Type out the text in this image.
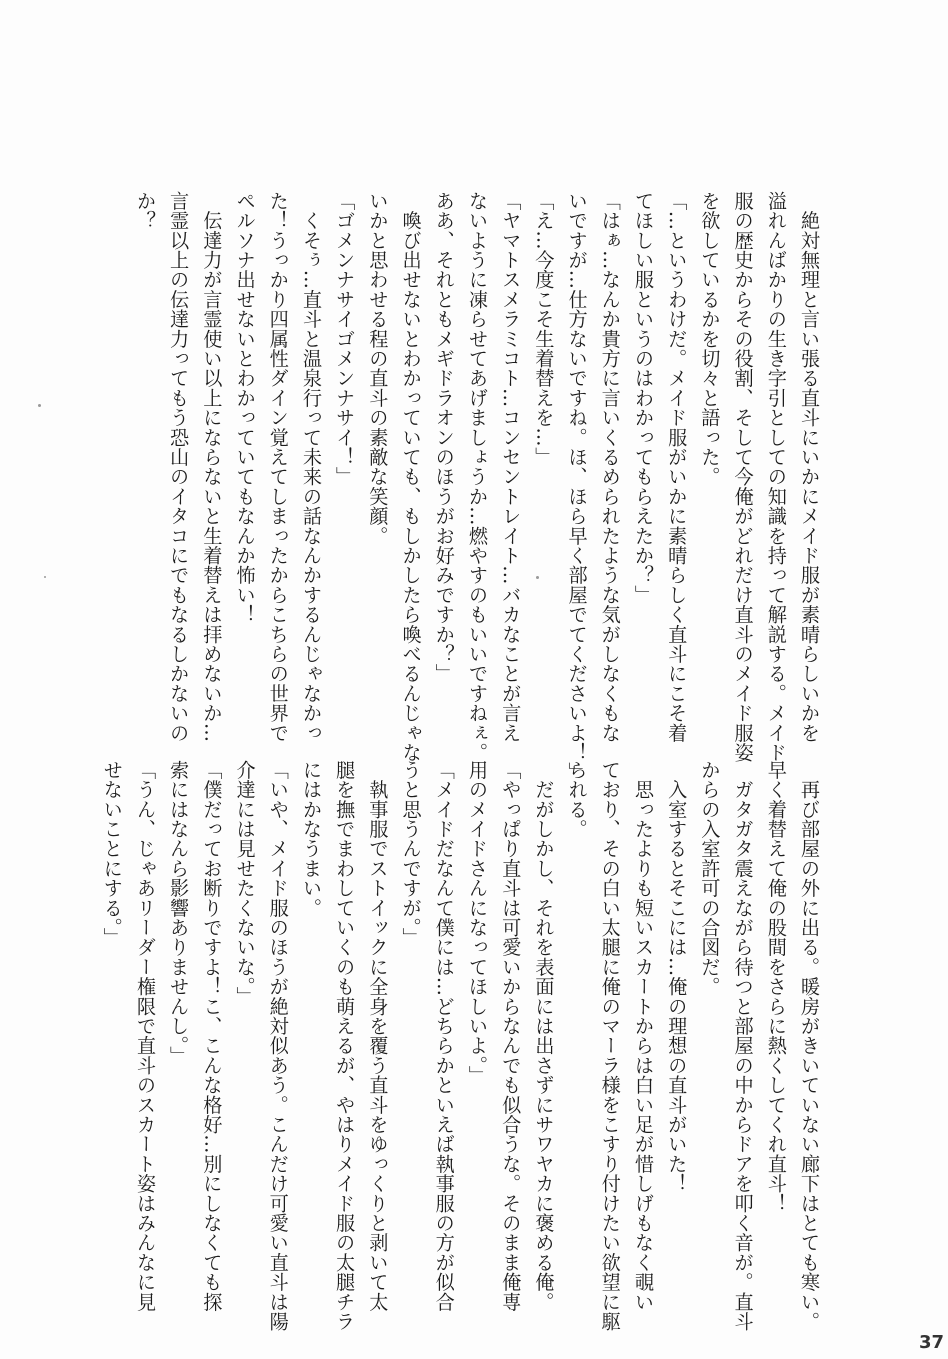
　絶対無理と言い張る直斗にいかにメイド服が素晴らしいかを

溢れんばかりの生き字引としての知識を持って解説する。メイド

服の歴史からその役割、そして今俺がどれだけ直斗のメイド服姿

を欲しているかを切々と語った。

「…というわけだ。メイド服がいかに素晴らしく直斗にこそ着

てほしい服というのはわかってもらえたか？」

「はぁ…なんか貴方に言いくるめられたような気がしなくもな

いですが…仕方ないですね。ほ、ほら早く部屋でてくださいよ！」

「え…今度こそ生着替えを…」

「ヤマトスメラミコト…コンセントレイト…バカなことが言え

ないように凍らせてあげましょうか…燃やすのもいいですねぇ。

ああ、それともメギドラオンのほうがお好みですか？」

　喚び出せないとわかっていても、もしかしたら喚べるんじゃな

いかと思わせる程の直斗の素敵な笑顔。

「ゴメンナサイゴメンナサイ！」

　くそぅ…直斗と温泉行って未来の話なんかするんじゃなかっ

た！うっかり四属性ダイン覚えてしまったからこちらの世界で

ペルソナ出せないとわかっていてもなんか怖い！

　伝達力が言霊使い以上にならないと生着替えは拝めないか…

言霊以上の伝達力ってもう恐山のイタコにでもなるしかないの

か？

　再び部屋の外に出る。暖房がきいていない廊下はとても寒い。

早く着替えて俺の股間をさらに熱くしてくれ直斗！

　ガタガタ震えながら待つと部屋の中からドアを叩く音が。直斗

からの入室許可の合図だ。

　入室するとそこには…俺の理想の直斗がいた！

　思ったよりも短いスカートからは白い足が惜しげもなく覗い

ており、その白い太腿に俺のマーラ様をこすり付けたい欲望に駆

られる。

　だがしかし、それを表面には出さずにサワヤカに褒める俺。

「やっぱり直斗は可愛いからなんでも似合うな。そのまま俺専

用のメイドさんになってほしいよ。」

「メイドだなんて僕には…どちらかといえば執事服の方が似合

うと思うんですが。」

　執事服でストイックに全身を覆う直斗をゆっくりと剥いて太

腿を撫でまわしていくのも萌えるが、やはりメイド服の太腿チラ

にはかなうまい。

「いや、メイド服のほうが絶対似あう。こんだけ可愛い直斗は陽

介達には見せたくないな。」

「僕だってお断りですよ！こ、こんな格好…別にしなくても探

索にはなんら影響ありませんし。」

「うん、じゃあリーダー権限で直斗のスカート姿はみんなに見

せないことにする。」

37
